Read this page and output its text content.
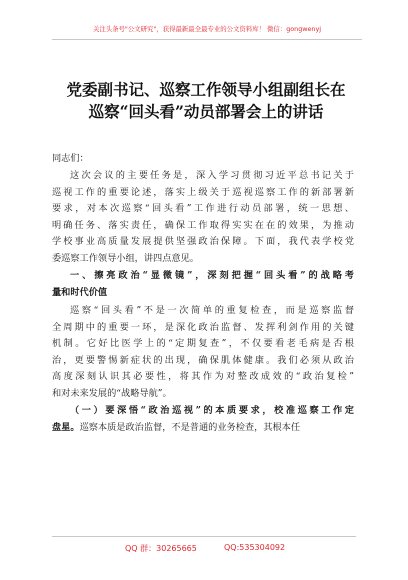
关注头条号"公文研究"，获得最新最全最专业的公文资料库！ 微信：gongwenyj
党委副书记、巡察工作领导小组副组长在
巡察“回头看”动员部署会上的讲话
同志们：
这次会议的主要任务是，深入学习贯彻习近平总书记关于
巡视工作的重要论述，落实上级关于巡视巡察工作的新部署新
要求，对本次巡察“回头看”工作进行动员部署，统一思想、
明确任务、落实责任，确保工作取得实实在在的效果，为推动
学校事业高质量发展提供坚强政治保障。下面，我代表学校党
委巡察工作领导小组，讲四点意见。
一、擦亮政治“显微镜”，深刻把握“回头看”的战略考
量和时代价值
巡察“回头看”不是一次简单的重复检查，而是巡察监督
全周期中的重要一环，是深化政治监督、发挥利剑作用的关键
机制。它好比医学上的“定期复查”，不仅要看老毛病是否根
治，更要警惕新症状的出现，确保肌体健康。我们必须从政治
高度深刻认识其必要性，将其作为对整改成效的“政治复检”
和对未来发展的“战略导航”。
（一）要深悟“政治巡视”的本质要求，校准巡察工作定
盘星。巡察本质是政治监督，不是普通的业务检查，其根本任
QQ 群：30265665	QQ:535304092
